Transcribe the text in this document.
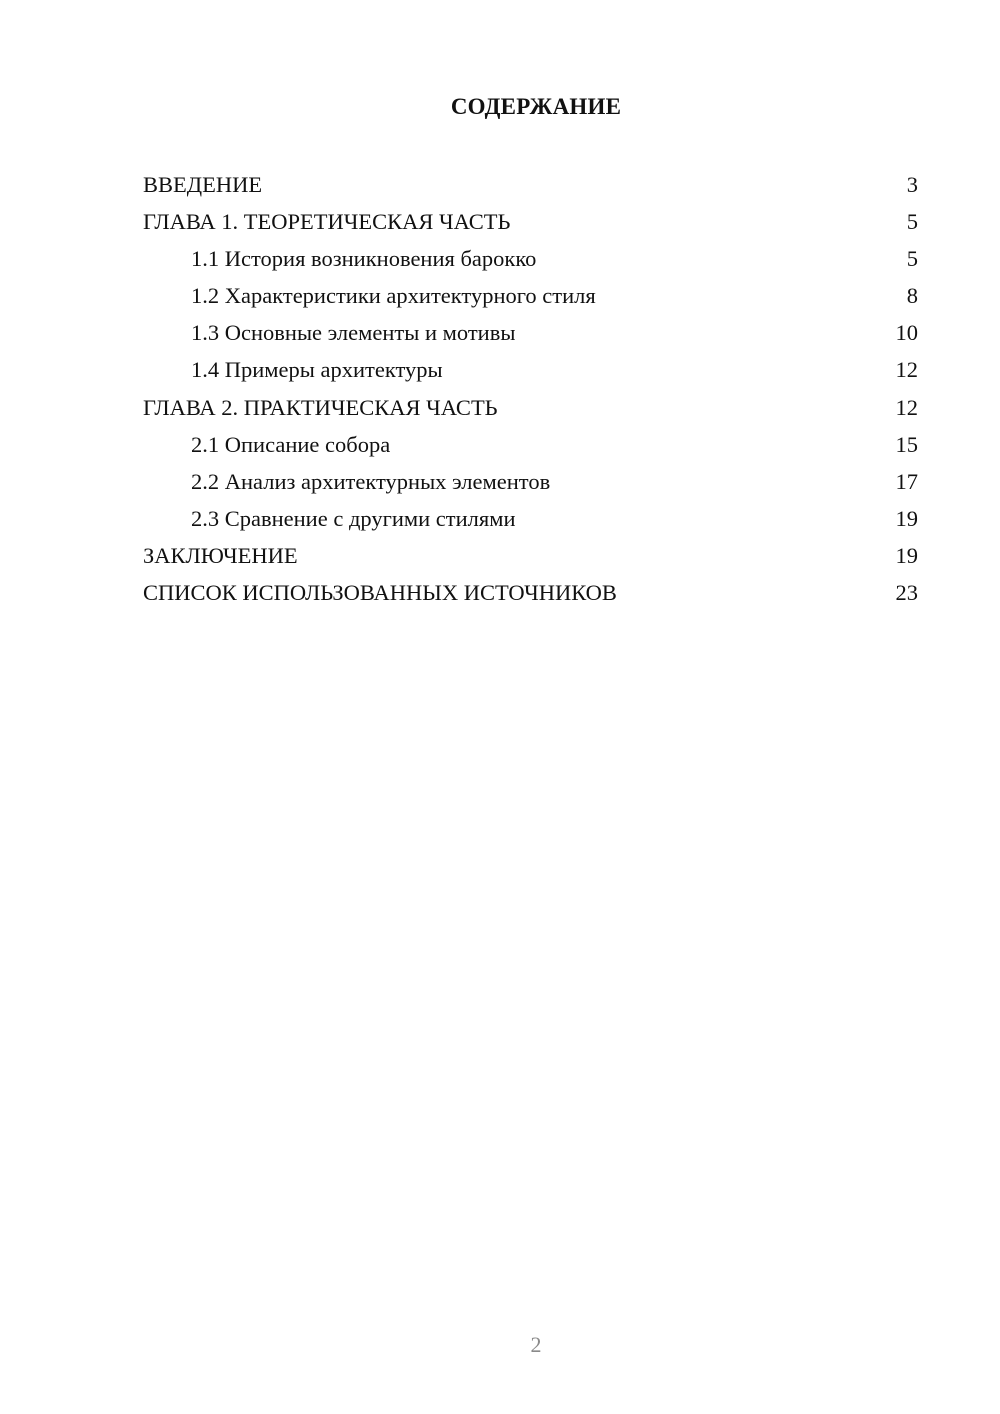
СОДЕРЖАНИЕ
ВВЕДЕНИЕ	3
ГЛАВА 1. ТЕОРЕТИЧЕСКАЯ ЧАСТЬ	5
1.1 История возникновения барокко	5
1.2 Характеристики архитектурного стиля	8
1.3 Основные элементы и мотивы	10
1.4 Примеры архитектуры	12
ГЛАВА 2. ПРАКТИЧЕСКАЯ ЧАСТЬ	12
2.1 Описание собора	15
2.2 Анализ архитектурных элементов	17
2.3 Сравнение с другими стилями	19
ЗАКЛЮЧЕНИЕ	19
СПИСОК ИСПОЛЬЗОВАННЫХ ИСТОЧНИКОВ	23
2
